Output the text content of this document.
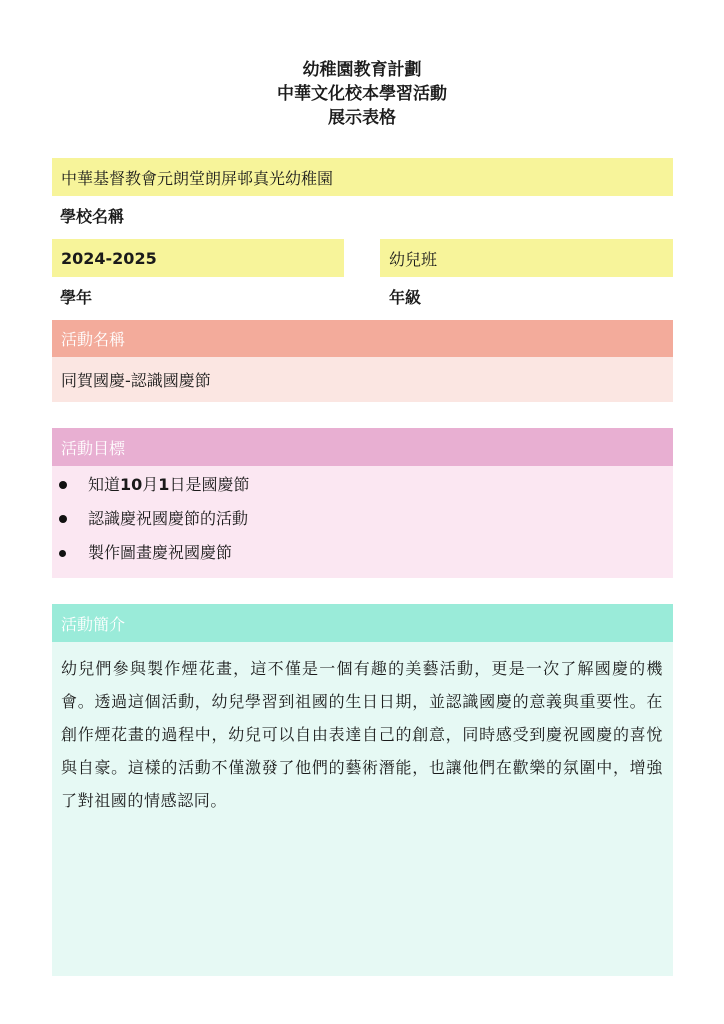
幼稚園教育計劃
中華文化校本學習活動
展示表格
中華基督教會元朗堂朗屏邨真光幼稚園
學校名稱
2024-2025
學年
幼兒班
年級
活動名稱
同賀國慶-認識國慶節
活動目標
知道10月1日是國慶節
認識慶祝國慶節的活動
製作圖畫慶祝國慶節
活動簡介
幼兒們參與製作煙花畫，這不僅是一個有趣的美藝活動，更是一次了解國慶的機會。透過這個活動，幼兒學習到祖國的生日日期，並認識國慶的意義與重要性。在創作煙花畫的過程中，幼兒可以自由表達自己的創意，同時感受到慶祝國慶的喜悅與自豪。這樣的活動不僅激發了他們的藝術潛能，也讓他們在歡樂的氛圍中，增強了對祖國的情感認同。
